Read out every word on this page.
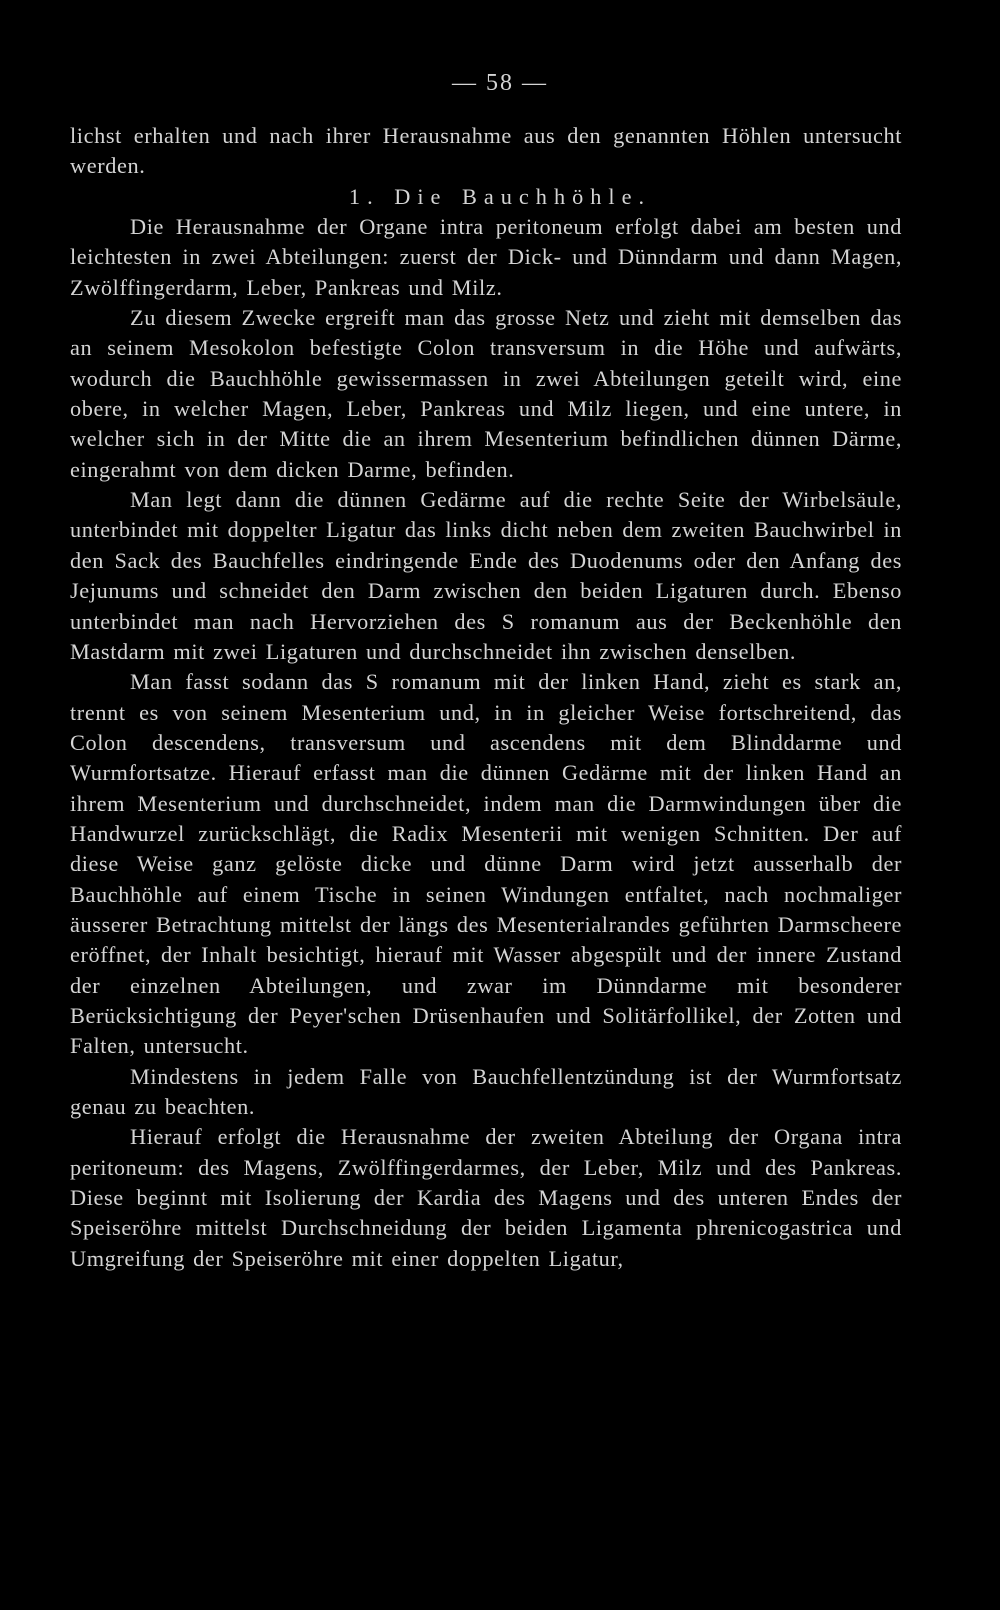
— 58 —

lichst erhalten und nach ihrer Herausnahme aus den genannten Höhlen untersucht werden.

1. Die Bauchhöhle.

Die Herausnahme der Organe intra peritoneum erfolgt dabei am besten und leichtesten in zwei Abteilungen: zuerst der Dick- und Dünndarm und dann Magen, Zwölffingerdarm, Leber, Pankreas und Milz.

Zu diesem Zwecke ergreift man das grosse Netz und zieht mit demselben das an seinem Mesokolon befestigte Colon transversum in die Höhe und aufwärts, wodurch die Bauchhöhle gewissermassen in zwei Abteilungen geteilt wird, eine obere, in welcher Magen, Leber, Pankreas und Milz liegen, und eine untere, in welcher sich in der Mitte die an ihrem Mesenterium befindlichen dünnen Därme, eingerahmt von dem dicken Darme, befinden.

Man legt dann die dünnen Gedärme auf die rechte Seite der Wirbelsäule, unterbindet mit doppelter Ligatur das links dicht neben dem zweiten Bauchwirbel in den Sack des Bauchfelles eindringende Ende des Duodenums oder den Anfang des Jejunums und schneidet den Darm zwischen den beiden Ligaturen durch. Ebenso unterbindet man nach Hervorziehen des S romanum aus der Beckenhöhle den Mastdarm mit zwei Ligaturen und durchschneidet ihn zwischen denselben.

Man fasst sodann das S romanum mit der linken Hand, zieht es stark an, trennt es von seinem Mesenterium und, in in gleicher Weise fortschreitend, das Colon descendens, transversum und ascendens mit dem Blinddarme und Wurmfortsatze. Hierauf erfasst man die dünnen Gedärme mit der linken Hand an ihrem Mesenterium und durchschneidet, indem man die Darmwindungen über die Handwurzel zurückschlägt, die Radix Mesenterii mit wenigen Schnitten. Der auf diese Weise ganz gelöste dicke und dünne Darm wird jetzt ausserhalb der Bauchhöhle auf einem Tische in seinen Windungen entfaltet, nach nochmaliger äusserer Betrachtung mittelst der längs des Mesenterialrandes geführten Darmscheere eröffnet, der Inhalt besichtigt, hierauf mit Wasser abgespült und der innere Zustand der einzelnen Abteilungen, und zwar im Dünndarme mit besonderer Berücksichtigung der Peyer'schen Drüsenhaufen und Solitärfollikel, der Zotten und Falten, untersucht.

Mindestens in jedem Falle von Bauchfellentzündung ist der Wurmfortsatz genau zu beachten.

Hierauf erfolgt die Herausnahme der zweiten Abteilung der Organa intra peritoneum: des Magens, Zwölffingerdarmes, der Leber, Milz und des Pankreas. Diese beginnt mit Isolierung der Kardia des Magens und des unteren Endes der Speiseröhre mittelst Durchschneidung der beiden Ligamenta phrenicogastrica und Umgreifung der Speiseröhre mit einer doppelten Ligatur,
